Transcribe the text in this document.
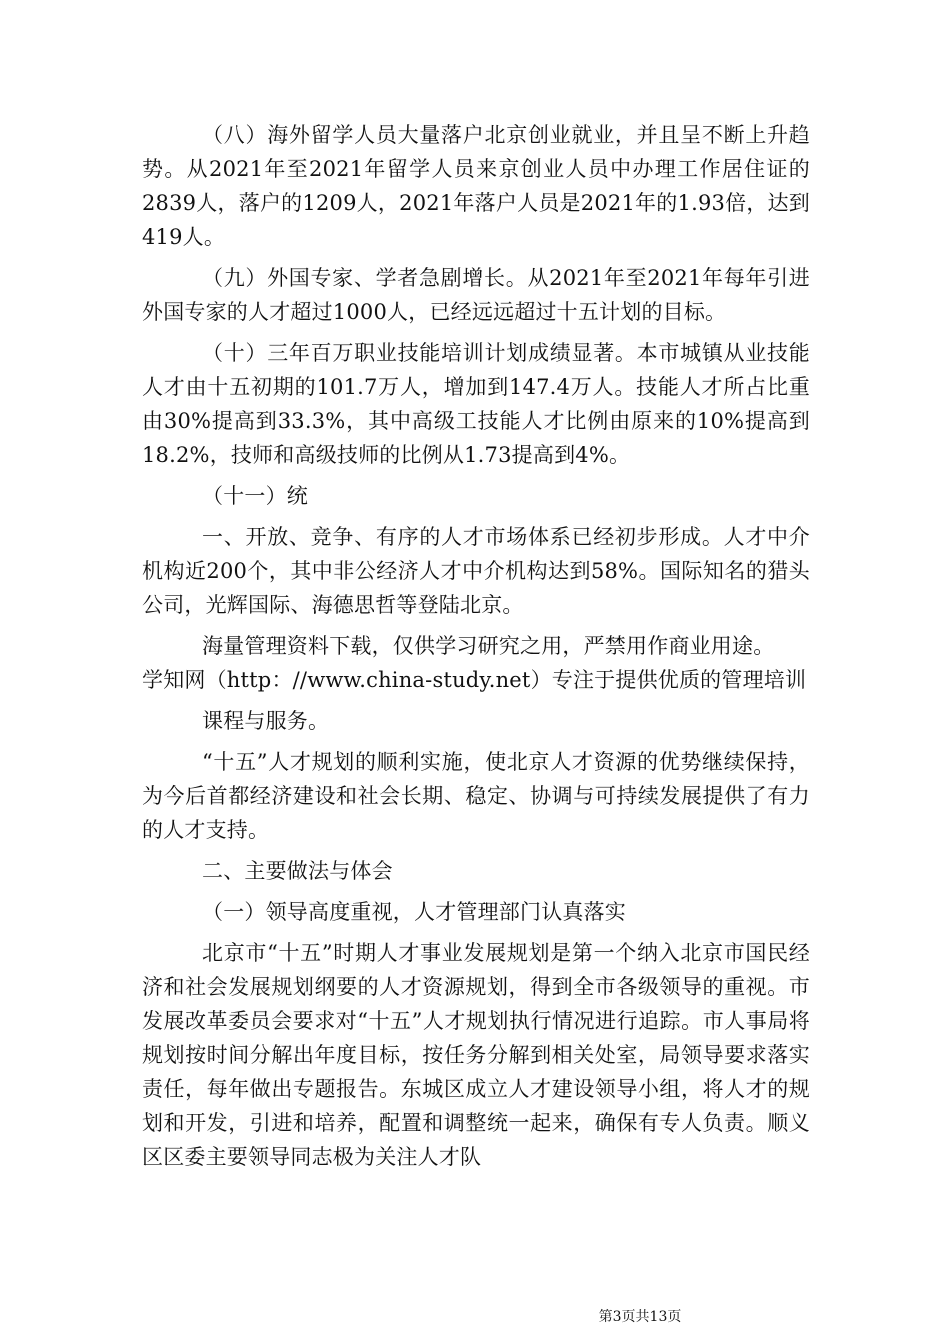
（八）海外留学人员大量落户北京创业就业，并且呈不断上升趋势。从2021年至2021年留学人员来京创业人员中办理工作居住证的2839人，落户的1209人，2021年落户人员是2021年的1.93倍，达到419人。

（九）外国专家、学者急剧增长。从2021年至2021年每年引进外国专家的人才超过1000人，已经远远超过十五计划的目标。

（十）三年百万职业技能培训计划成绩显著。本市城镇从业技能人才由十五初期的101.7万人，增加到147.4万人。技能人才所占比重由30%提高到33.3%，其中高级工技能人才比例由原来的10%提高到18.2%，技师和高级技师的比例从1.73提高到4%。

（十一）统

一、开放、竞争、有序的人才市场体系已经初步形成。人才中介机构近200个，其中非公经济人才中介机构达到58%。国际知名的猎头公司，光辉国际、海德思哲等登陆北京。

海量管理资料下载，仅供学习研究之用，严禁用作商业用途。

学知网（http：//www.china-study.net）专注于提供优质的管理培训

课程与服务。

“十五”人才规划的顺利实施，使北京人才资源的优势继续保持，为今后首都经济建设和社会长期、稳定、协调与可持续发展提供了有力的人才支持。

二、主要做法与体会

（一）领导高度重视，人才管理部门认真落实

北京市“十五”时期人才事业发展规划是第一个纳入北京市国民经济和社会发展规划纲要的人才资源规划，得到全市各级领导的重视。市发展改革委员会要求对“十五”人才规划执行情况进行追踪。市人事局将规划按时间分解出年度目标，按任务分解到相关处室，局领导要求落实责任，每年做出专题报告。东城区成立人才建设领导小组，将人才的规划和开发，引进和培养，配置和调整统一起来，确保有专人负责。顺义区区委主要领导同志极为关注人才队

第3页共13页
